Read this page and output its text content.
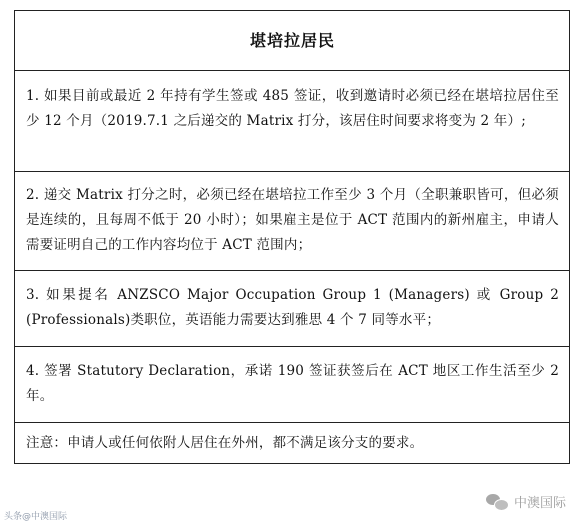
堪培拉居民

1. 如果目前或最近 2 年持有学生签或 485 签证，收到邀请时必须已经在堪培拉居住至少 12 个月（2019.7.1 之后递交的 Matrix 打分，该居住时间要求将变为 2 年）;

2. 递交 Matrix 打分之时，必须已经在堪培拉工作至少 3 个月（全职兼职皆可，但必须是连续的，且每周不低于 20 小时）；如果雇主是位于 ACT 范围内的新州雇主，申请人需要证明自己的工作内容均位于 ACT 范围内；

3. 如果提名 ANZSCO Major Occupation Group 1 (Managers) 或 Group 2 (Professionals)类职位，英语能力需要达到雅思 4 个 7 同等水平；

4. 签署 Statutory Declaration，承诺 190 签证获签后在 ACT 地区工作生活至少 2 年。

注意：申请人或任何依附人居住在外州，都不满足该分支的要求。

中澳国际
头条@中澳国际
